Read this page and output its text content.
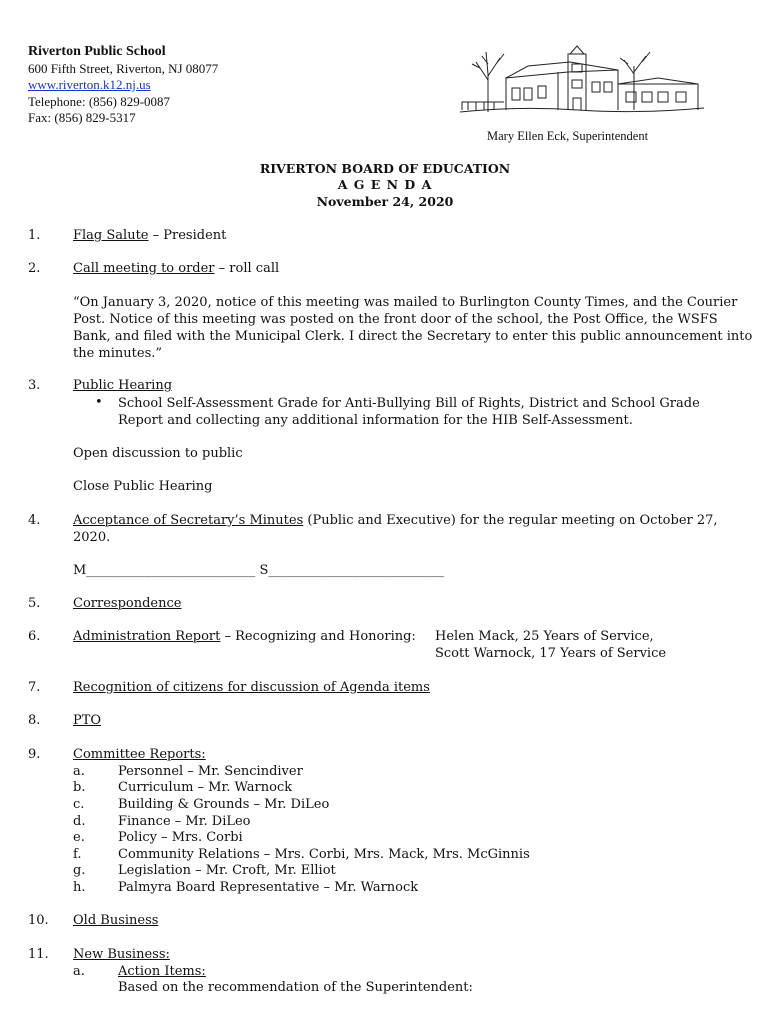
Riverton Public School
600 Fifth Street, Riverton, NJ 08077
www.riverton.k12.nj.us
Telephone: (856) 829-0087
Fax: (856) 829-5317
Mary Ellen Eck, Superintendent
RIVERTON BOARD OF EDUCATION
A G E N D A
November 24, 2020
1.	Flag Salute – President
2.	Call meeting to order – roll call
“On January 3, 2020, notice of this meeting was mailed to Burlington County Times, and the Courier Post. Notice of this meeting was posted on the front door of the school, the Post Office, the WSFS Bank, and filed with the Municipal Clerk. I direct the Secretary to enter this public announcement into the minutes.”
3.	Public Hearing
• School Self-Assessment Grade for Anti-Bullying Bill of Rights, District and School Grade Report and collecting any additional information for the HIB Self-Assessment.
Open discussion to public
Close Public Hearing
4.	Acceptance of Secretary’s Minutes (Public and Executive) for the regular meeting on October 27,
2020.
M__________________________ S___________________________
5.	Correspondence
6.	Administration Report – Recognizing and Honoring: Helen Mack, 25 Years of Service,
Scott Warnock, 17 Years of Service
7.	Recognition of citizens for discussion of Agenda items
8.	PTO
9.	Committee Reports:
a.	Personnel – Mr. Sencindiver
b.	Curriculum – Mr. Warnock
c.	Building & Grounds – Mr. DiLeo
d.	Finance – Mr. DiLeo
e.	Policy – Mrs. Corbi
f.	Community Relations – Mrs. Corbi, Mrs. Mack, Mrs. McGinnis
g.	Legislation – Mr. Croft, Mr. Elliot
h. Palmyra Board Representative – Mr. Warnock
10. Old Business
11. New Business:
a.	Action Items:
Based on the recommendation of the Superintendent:
